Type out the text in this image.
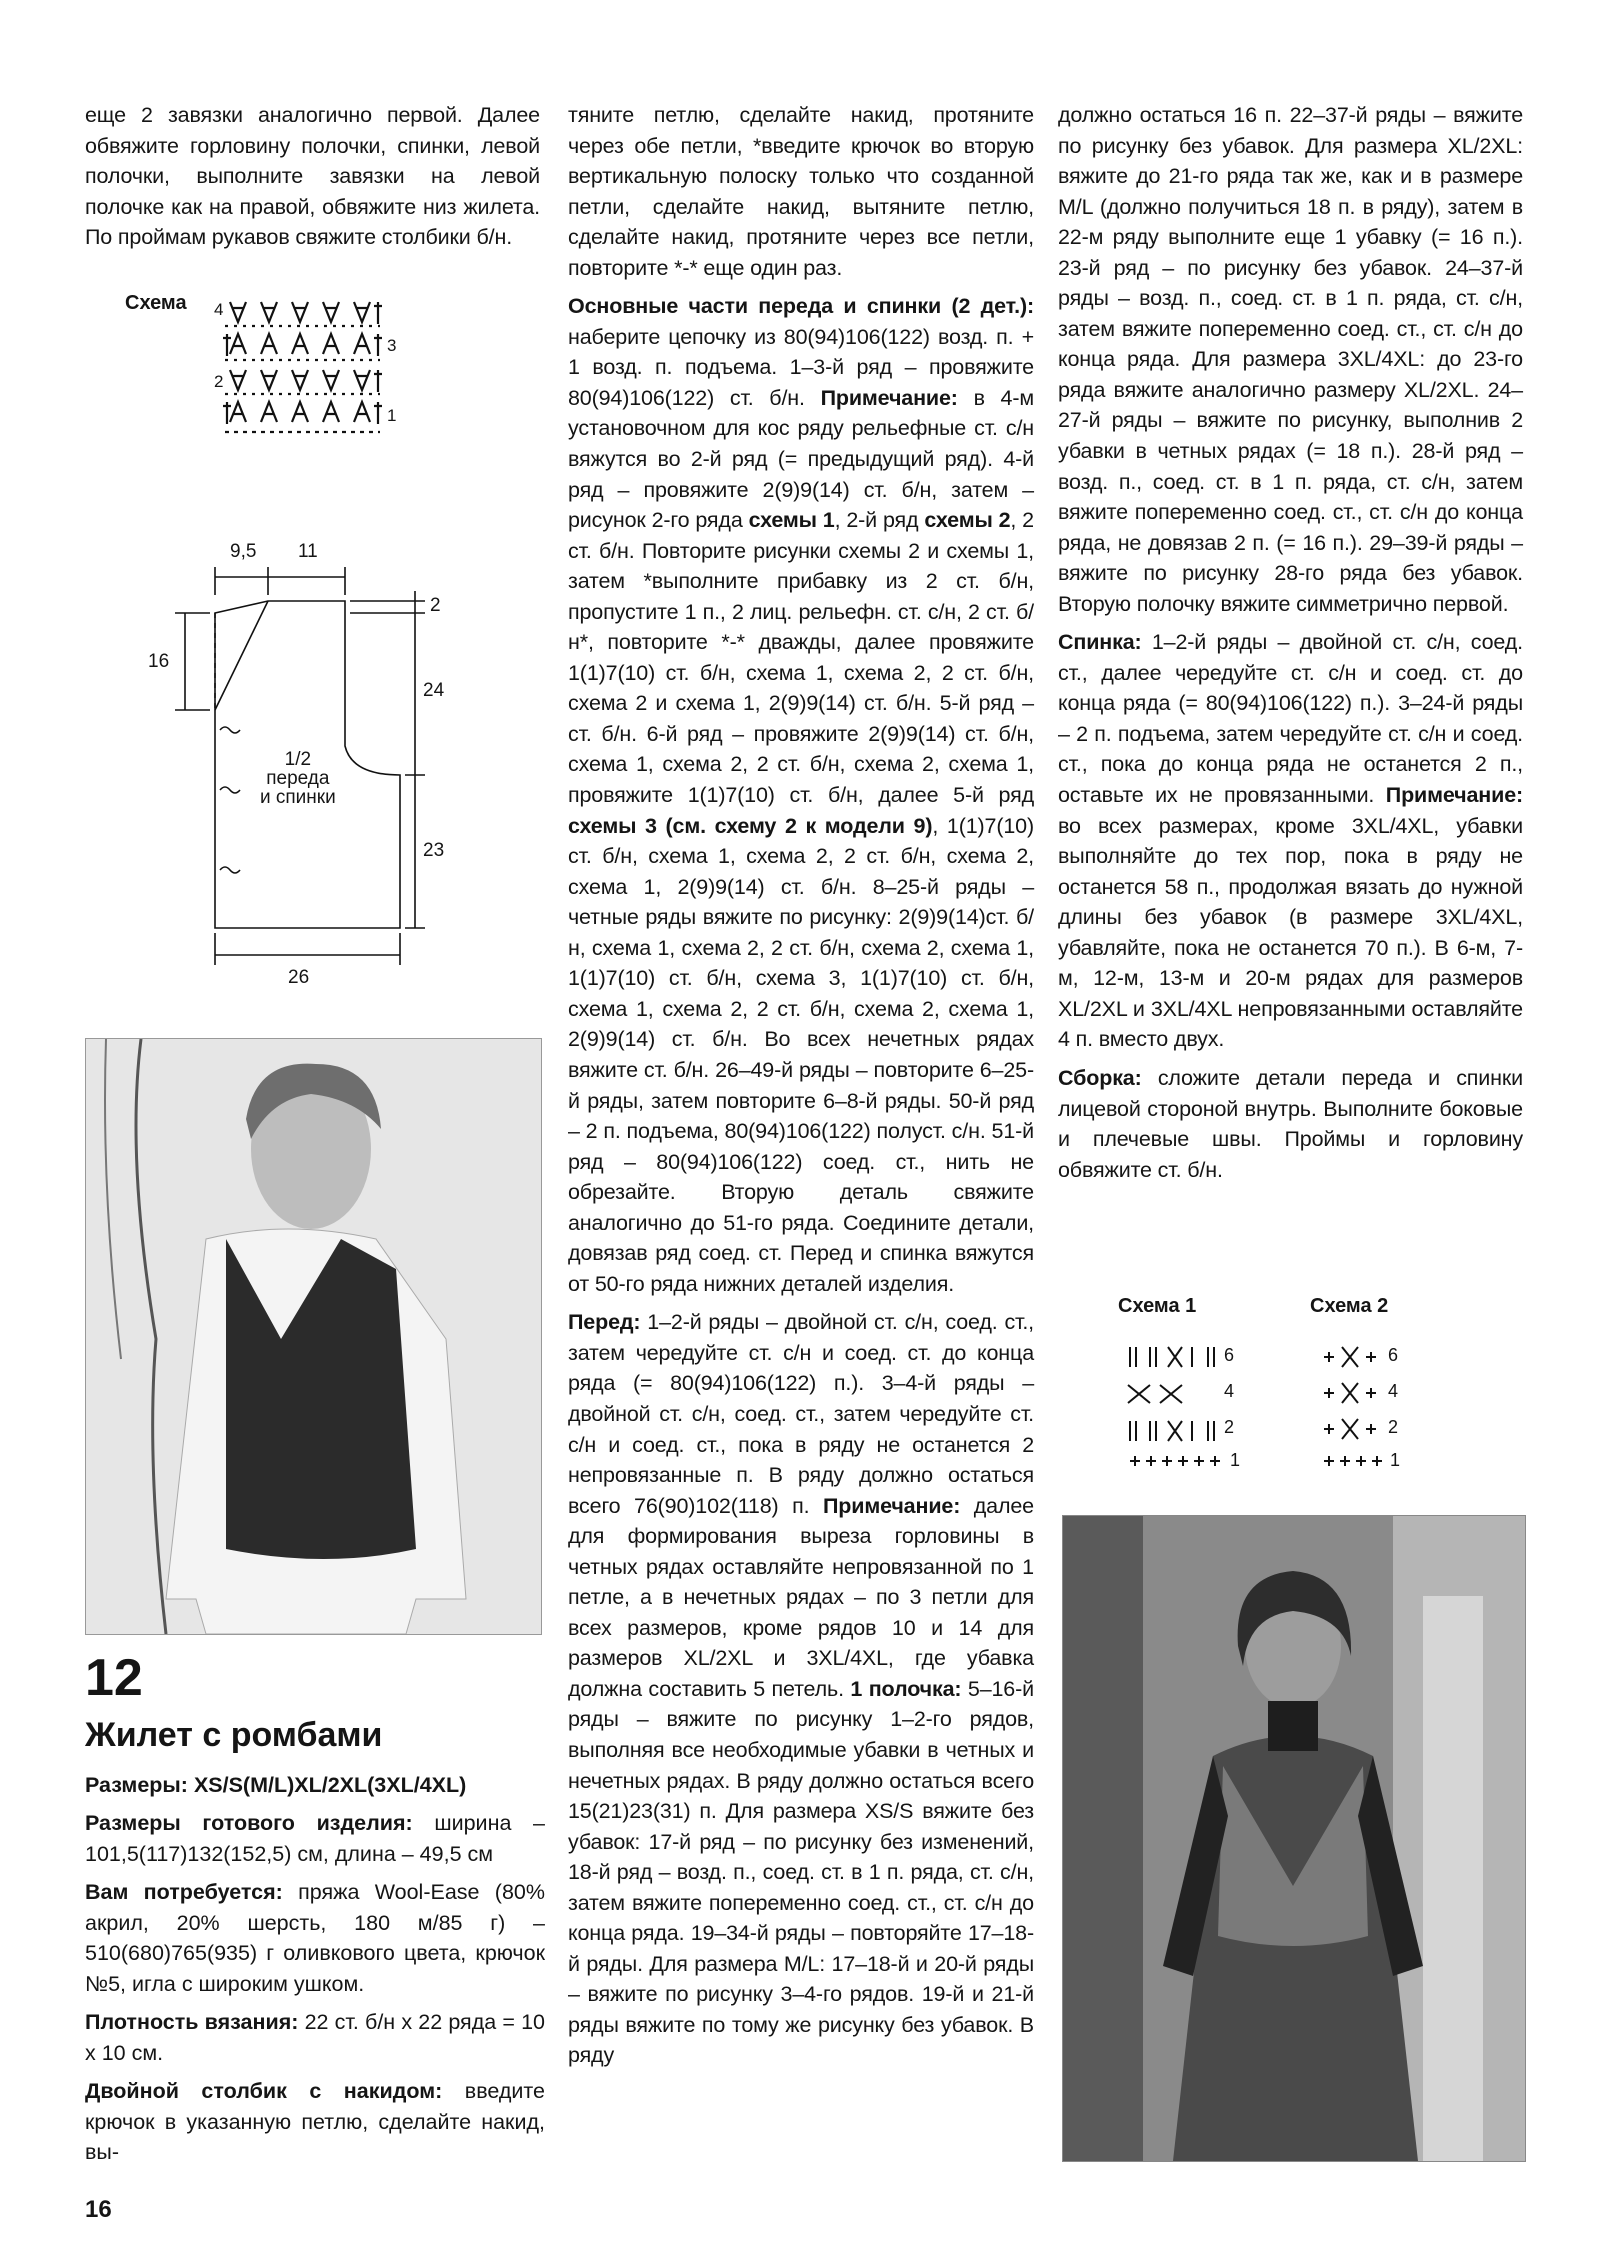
еще 2 завязки аналогично первой. Далее обвяжите горловину полочки, спинки, левой полочки, выполните завязки на левой полочке как на правой, обвяжите низ жилета. По проймам рукавов свяжите столбики б/н.

Схема 4
3
2
1
9,5 11
2
16
24
23
26
1/2
переда
и спинки
12
Жилет с ромбами
Размеры: XS/S(M/L)XL/2XL(3XL/4XL)
Размеры готового изделия: ширина – 101,5(117)132(152,5) см, длина – 49,5 см
Вам потребуется: пряжа Wool-Ease (80% акрил, 20% шерсть, 180 м/85 г) – 510(680)765(935) г оливкового цвета, крючок №5, игла с широким ушком.
Плотность вязания: 22 ст. б/н х 22 ряда = 10 х 10 см.
Двойной столбик с накидом: введите крючок в указанную петлю, сделайте накид, вы-

тяните петлю, сделайте накид, протяните через обе петли, *введите крючок во вторую вертикальную полоску только что созданной петли, сделайте накид, вытяните петлю, сделайте накид, протяните через все петли, повторите *-* еще один раз.

Основные части переда и спинки (2 дет.): наберите цепочку из 80(94)106(122) возд. п. + 1 возд. п. подъема. 1–3-й ряд – провяжите 80(94)106(122) ст. б/н. Примечание: в 4-м установочном для кос ряду рельефные ст. с/н вяжутся во 2-й ряд (= предыдущий ряд). 4-й ряд – провяжите 2(9)9(14) ст. б/н, затем – рисунок 2-го ряда схемы 1, 2-й ряд схемы 2, 2 ст. б/н. Повторите рисунки схемы 2 и схемы 1, затем *выполните прибавку из 2 ст. б/н, пропустите 1 п., 2 лиц. рельефн. ст. с/н, 2 ст. б/н*, повторите *-* дважды, далее провяжите 1(1)7(10) ст. б/н, схема 1, схема 2, 2 ст. б/н, схема 2 и схема 1, 2(9)9(14) ст. б/н. 5-й ряд – ст. б/н. 6-й ряд – провяжите 2(9)9(14) ст. б/н, схема 1, схема 2, 2 ст. б/н, схема 2, схема 1, провяжите 1(1)7(10) ст. б/н, далее 5-й ряд схемы 3 (см. схему 2 к модели 9), 1(1)7(10) ст. б/н, схема 1, схема 2, 2 ст. б/н, схема 2, схема 1, 2(9)9(14) ст. б/н. 8–25-й ряды – четные ряды вяжите по рисунку: 2(9)9(14)ст. б/н, схема 1, схема 2, 2 ст. б/н, схема 2, схема 1, 1(1)7(10) ст. б/н, схема 3, 1(1)7(10) ст. б/н, схема 1, схема 2, 2 ст. б/н, схема 2, схема 1, 2(9)9(14) ст. б/н. Во всех нечетных рядах вяжите ст. б/н. 26–49-й ряды – повторите 6–25-й ряды, затем повторите 6–8-й ряды. 50-й ряд – 2 п. подъема, 80(94)106(122) полуст. с/н. 51-й ряд – 80(94)106(122) соед. ст., нить не обрезайте. Вторую деталь свяжите аналогично до 51-го ряда. Соедините детали, довязав ряд соед. ст. Перед и спинка вяжутся от 50-го ряда нижних деталей изделия.

Перед: 1–2-й ряды – двойной ст. с/н, соед. ст., затем чередуйте ст. с/н и соед. ст. до конца ряда (= 80(94)106(122) п.). 3–4-й ряды – двойной ст. с/н, соед. ст., затем чередуйте ст. с/н и соед. ст., пока в ряду не останется 2 непровязанные п. В ряду должно остаться всего 76(90)102(118) п. Примечание: далее для формирования выреза горловины в четных рядах оставляйте непровязанной по 1 петле, а в нечетных рядах – по 3 петли для всех размеров, кроме рядов 10 и 14 для размеров XL/2XL и 3XL/4XL, где убавка должна составить 5 петель. 1 полочка: 5–16-й ряды – вяжите по рисунку 1–2-го рядов, выполняя все необходимые убавки в четных и нечетных рядах. В ряду должно остаться всего 15(21)23(31) п. Для размера XS/S вяжите без убавок: 17-й ряд – по рисунку без изменений, 18-й ряд – возд. п., соед. ст. в 1 п. ряда, ст. с/н, затем вяжите попеременно соед. ст., ст. с/н до конца ряда. 19–34-й ряды – повторяйте 17–18-й ряды. Для размера M/L: 17–18-й и 20-й ряды – вяжите по рисунку 3–4-го рядов. 19-й и 21-й ряды вяжите по тому же рисунку без убавок. В ряду

должно остаться 16 п. 22–37-й ряды – вяжите по рисунку без убавок. Для размера XL/2XL: вяжите до 21-го ряда так же, как и в размере M/L (должно получиться 18 п. в ряду), затем в 22-м ряду выполните еще 1 убавку (= 16 п.). 23-й ряд – по рисунку без убавок. 24–37-й ряды – возд. п., соед. ст. в 1 п. ряда, ст. с/н, затем вяжите попеременно соед. ст., ст. с/н до конца ряда. Для размера 3XL/4XL: до 23-го ряда вяжите аналогично размеру XL/2XL. 24–27-й ряды – вяжите по рисунку, выполнив 2 убавки в четных рядах (= 18 п.). 28-й ряд – возд. п., соед. ст. в 1 п. ряда, ст. с/н, затем вяжите попеременно соед. ст., ст. с/н до конца ряда, не довязав 2 п. (= 16 п.). 29–39-й ряды – вяжите по рисунку 28-го ряда без убавок. Вторую полочку вяжите симметрично первой.

Спинка: 1–2-й ряды – двойной ст. с/н, соед. ст., далее чередуйте ст. с/н и соед. ст. до конца ряда (= 80(94)106(122) п.). 3–24-й ряды – 2 п. подъема, затем чередуйте ст. с/н и соед. ст., пока до конца ряда не останется 2 п., оставьте их не провязанными. Примечание: во всех размерах, кроме 3XL/4XL, убавки выполняйте до тех пор, пока в ряду не останется 58 п., продолжая вязать до нужной длины без убавок (в размере 3XL/4XL, убавляйте, пока не останется 70 п.). В 6-м, 7-м, 12-м, 13-м и 20-м рядах для размеров XL/2XL и 3XL/4XL непровязанными оставляйте 4 п. вместо двух.

Сборка: сложите детали переда и спинки лицевой стороной внутрь. Выполните боковые и плечевые швы. Проймы и горловину обвяжите ст. б/н.

Схема 1	Схема 2
6
4
2
1
6
4
2
1
16
